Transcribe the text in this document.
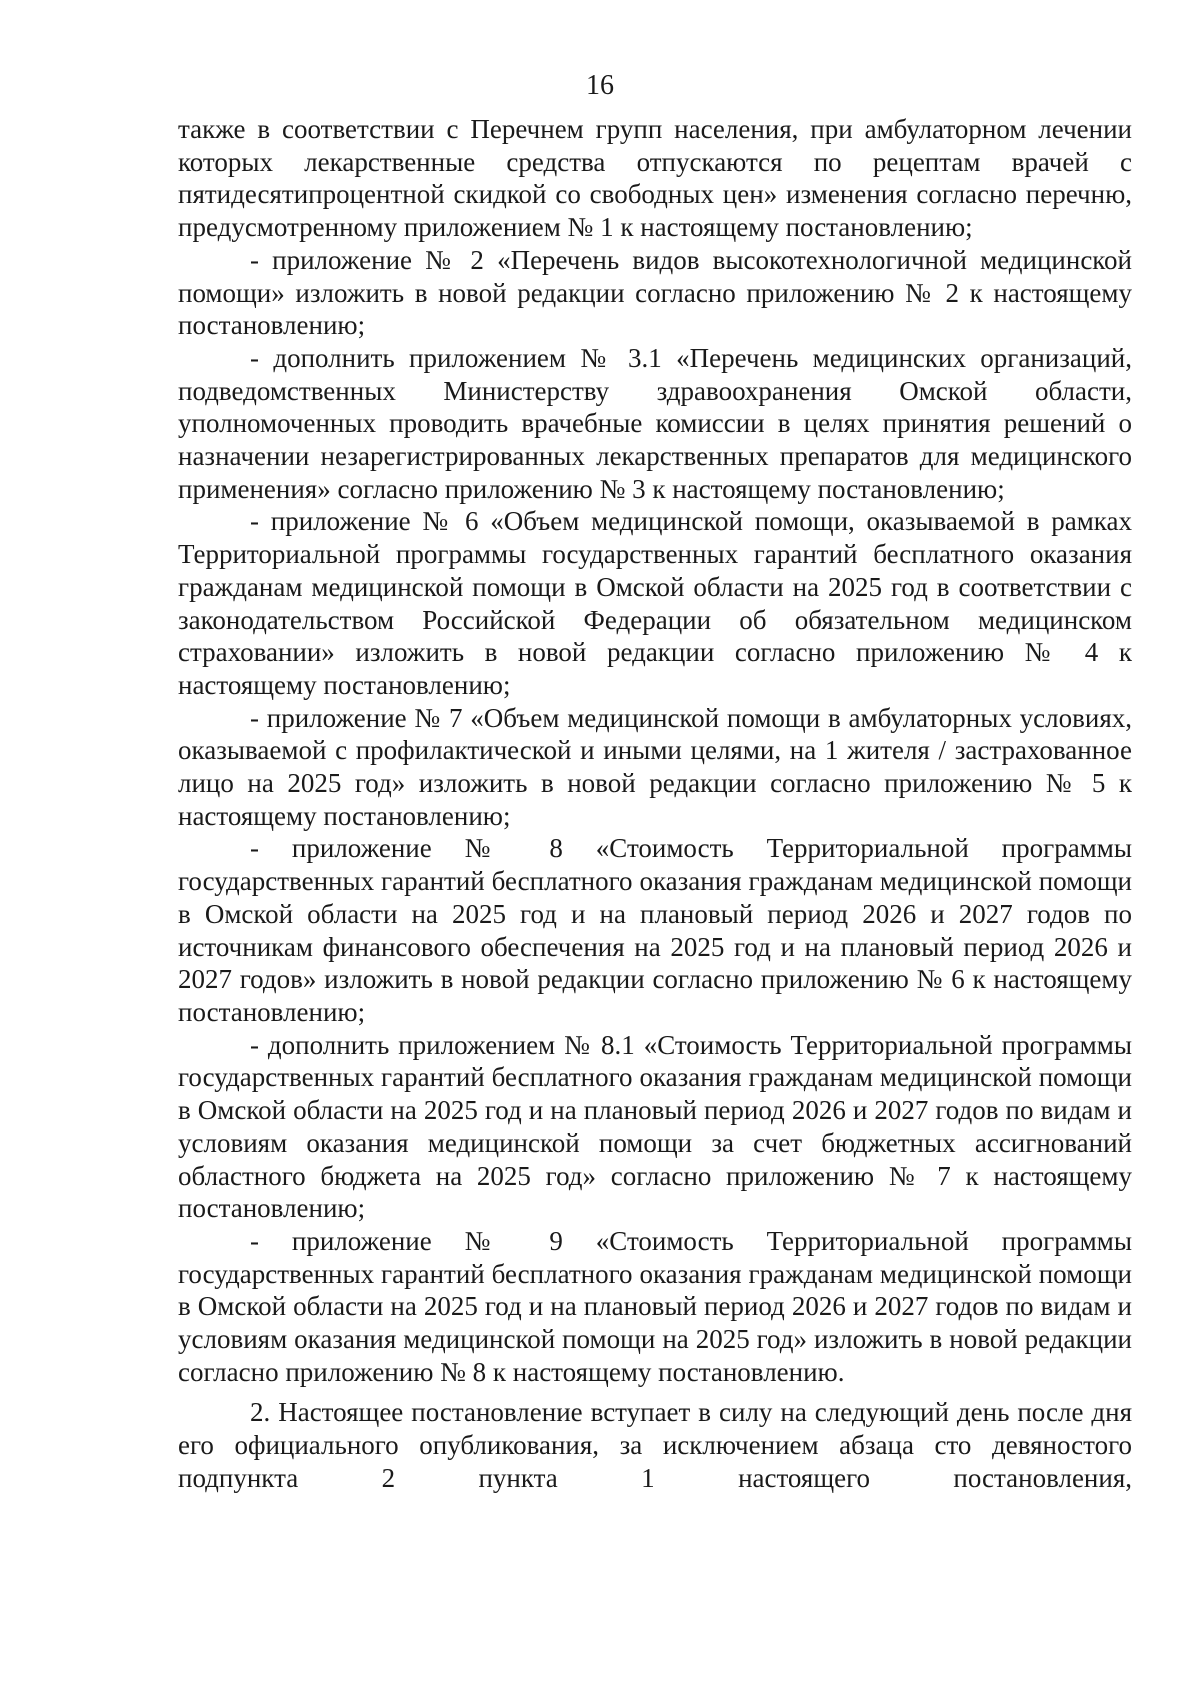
16

также в соответствии с Перечнем групп населения, при амбулаторном лечении которых лекарственные средства отпускаются по рецептам врачей с пятидесятипроцентной скидкой со свободных цен» изменения согласно перечню, предусмотренному приложением № 1 к настоящему постановлению;

- приложение № 2 «Перечень видов высокотехнологичной медицинской помощи» изложить в новой редакции согласно приложению № 2 к настоящему постановлению;

- дополнить приложением № 3.1 «Перечень медицинских организаций, подведомственных Министерству здравоохранения Омской области, уполномоченных проводить врачебные комиссии в целях принятия решений о назначении незарегистрированных лекарственных препаратов для медицинского применения» согласно приложению № 3 к настоящему постановлению;

- приложение № 6 «Объем медицинской помощи, оказываемой в рамках Территориальной программы государственных гарантий бесплатного оказания гражданам медицинской помощи в Омской области на 2025 год в соответствии с законодательством Российской Федерации об обязательном медицинском страховании» изложить в новой редакции согласно приложению № 4 к настоящему постановлению;

- приложение № 7 «Объем медицинской помощи в амбулаторных условиях, оказываемой с профилактической и иными целями, на 1 жителя / застрахованное лицо на 2025 год» изложить в новой редакции согласно приложению № 5 к настоящему постановлению;

- приложение № 8 «Стоимость Территориальной программы государственных гарантий бесплатного оказания гражданам медицинской помощи в Омской области на 2025 год и на плановый период 2026 и 2027 годов по источникам финансового обеспечения на 2025 год и на плановый период 2026 и 2027 годов» изложить в новой редакции согласно приложению № 6 к настоящему постановлению;

- дополнить приложением № 8.1 «Стоимость Территориальной программы государственных гарантий бесплатного оказания гражданам медицинской помощи в Омской области на 2025 год и на плановый период 2026 и 2027 годов по видам и условиям оказания медицинской помощи за счет бюджетных ассигнований областного бюджета на 2025 год» согласно приложению № 7 к настоящему постановлению;

- приложение № 9 «Стоимость Территориальной программы государственных гарантий бесплатного оказания гражданам медицинской помощи в Омской области на 2025 год и на плановый период 2026 и 2027 годов по видам и условиям оказания медицинской помощи на 2025 год» изложить в новой редакции согласно приложению № 8 к настоящему постановлению.

2. Настоящее постановление вступает в силу на следующий день после дня его официального опубликования, за исключением абзаца сто девяностого подпункта 2 пункта 1 настоящего постановления,
